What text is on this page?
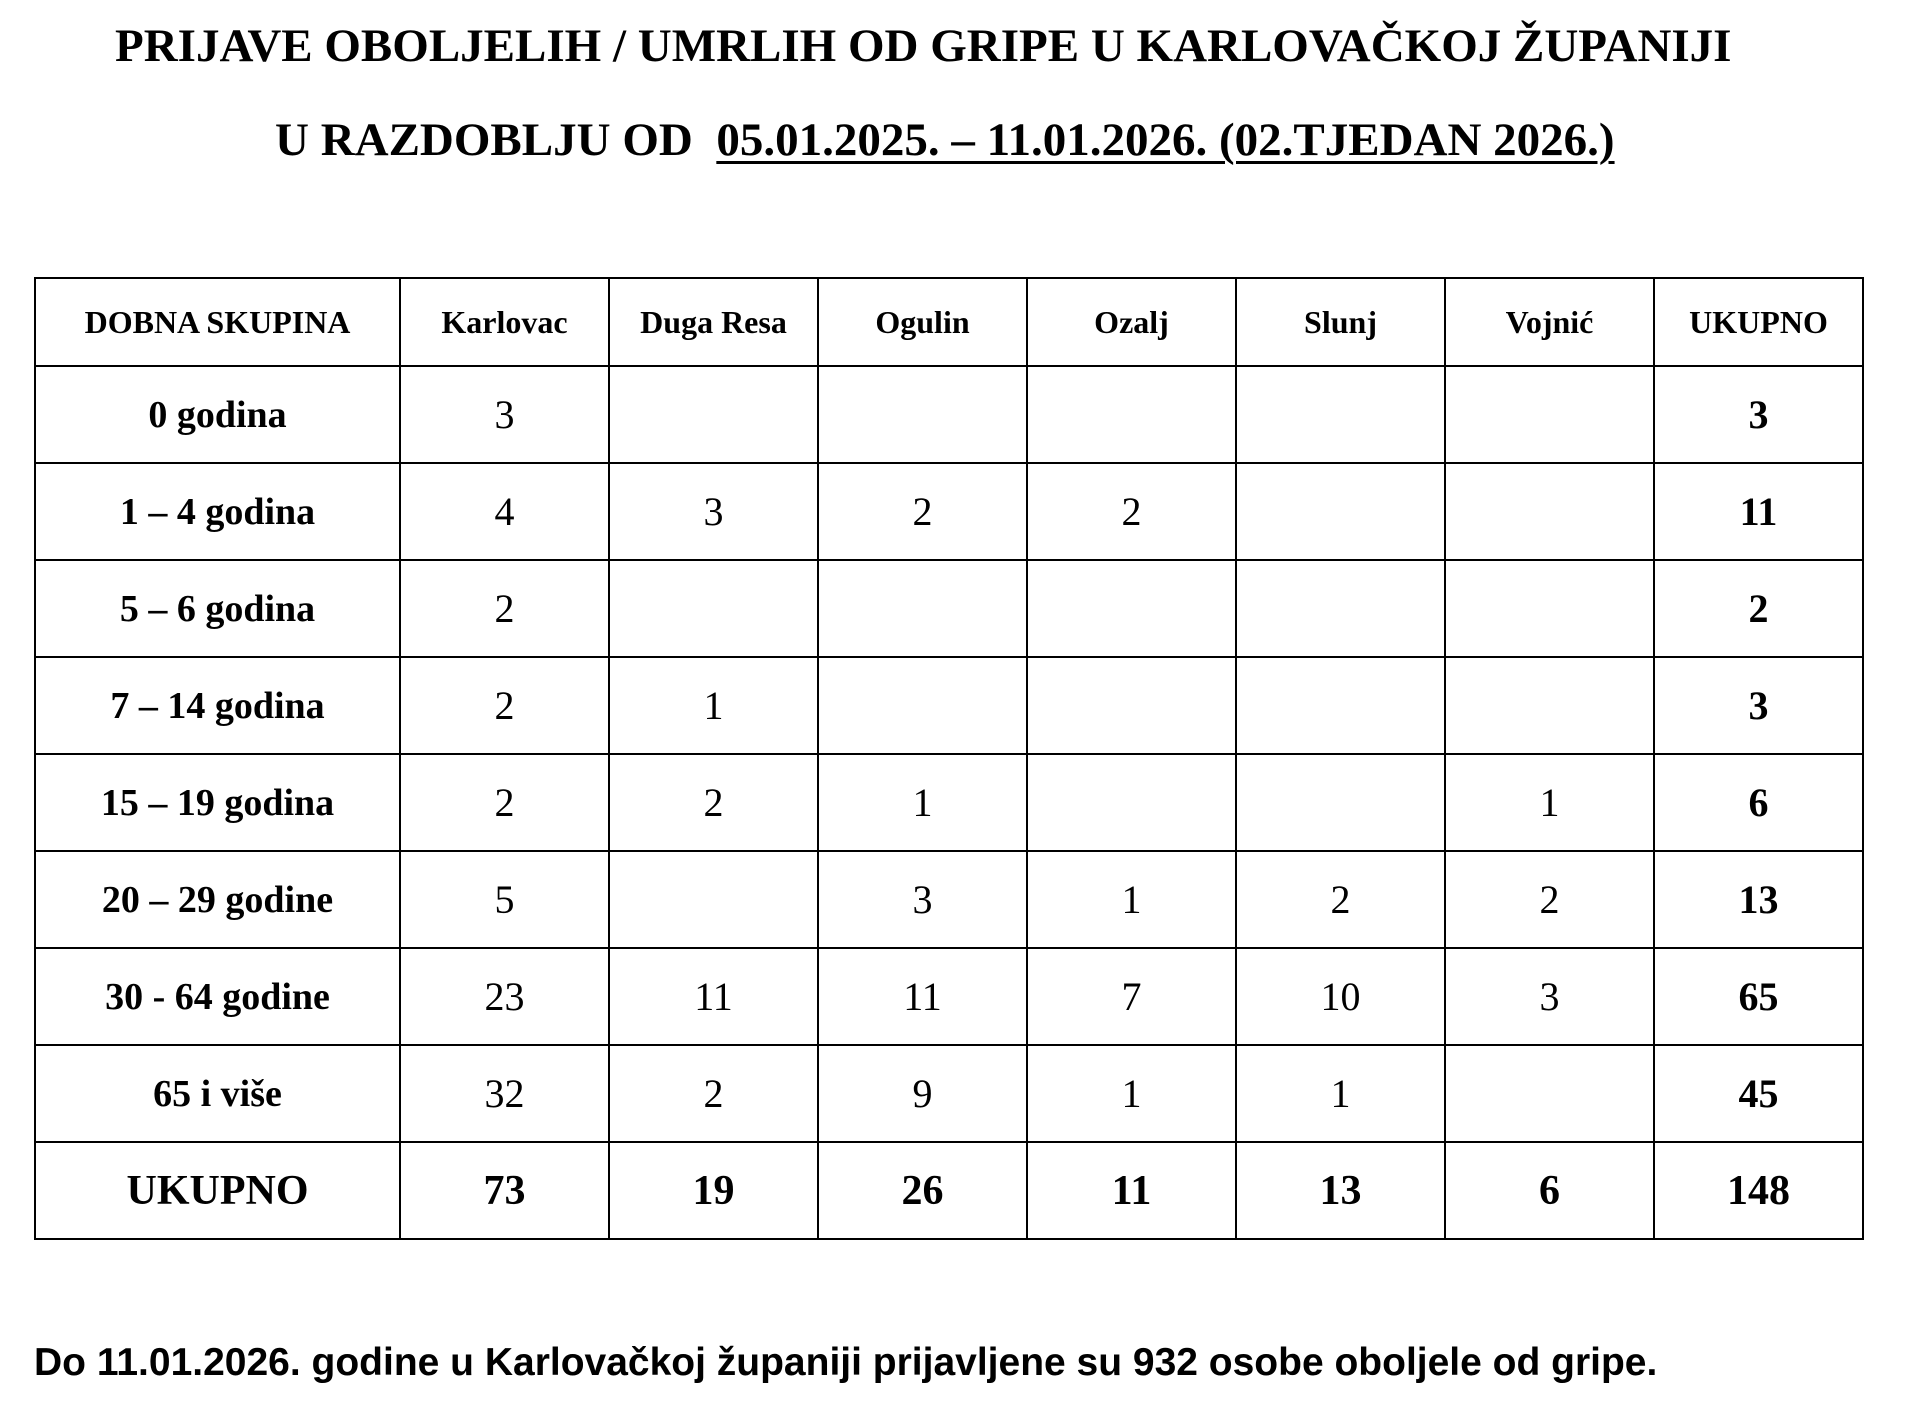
PRIJAVE OBOLJELIH / UMRLIH OD GRIPE U KARLOVAČKOJ ŽUPANIJI
U RAZDOBLJU OD 05.01.2025. – 11.01.2026. (02.TJEDAN 2026.)
DOBNA SKUPINA	Karlovac	Duga Resa	Ogulin	Ozalj	Slunj	Vojnić	UKUPNO
0 godina	3						3
1 – 4 godina	4	3	2	2			11
5 – 6 godina	2						2
7 – 14 godina	2	1					3
15 – 19 godina	2	2	1			1	6
20 – 29 godine	5		3	1	2	2	13
30 - 64 godine	23	11	11	7	10	3	65
65 i više	32	2	9	1	1		45
UKUPNO	73	19	26	11	13	6	148
Do 11.01.2026. godine u Karlovačkoj županiji prijavljene su 932 osobe oboljele od gripe.
